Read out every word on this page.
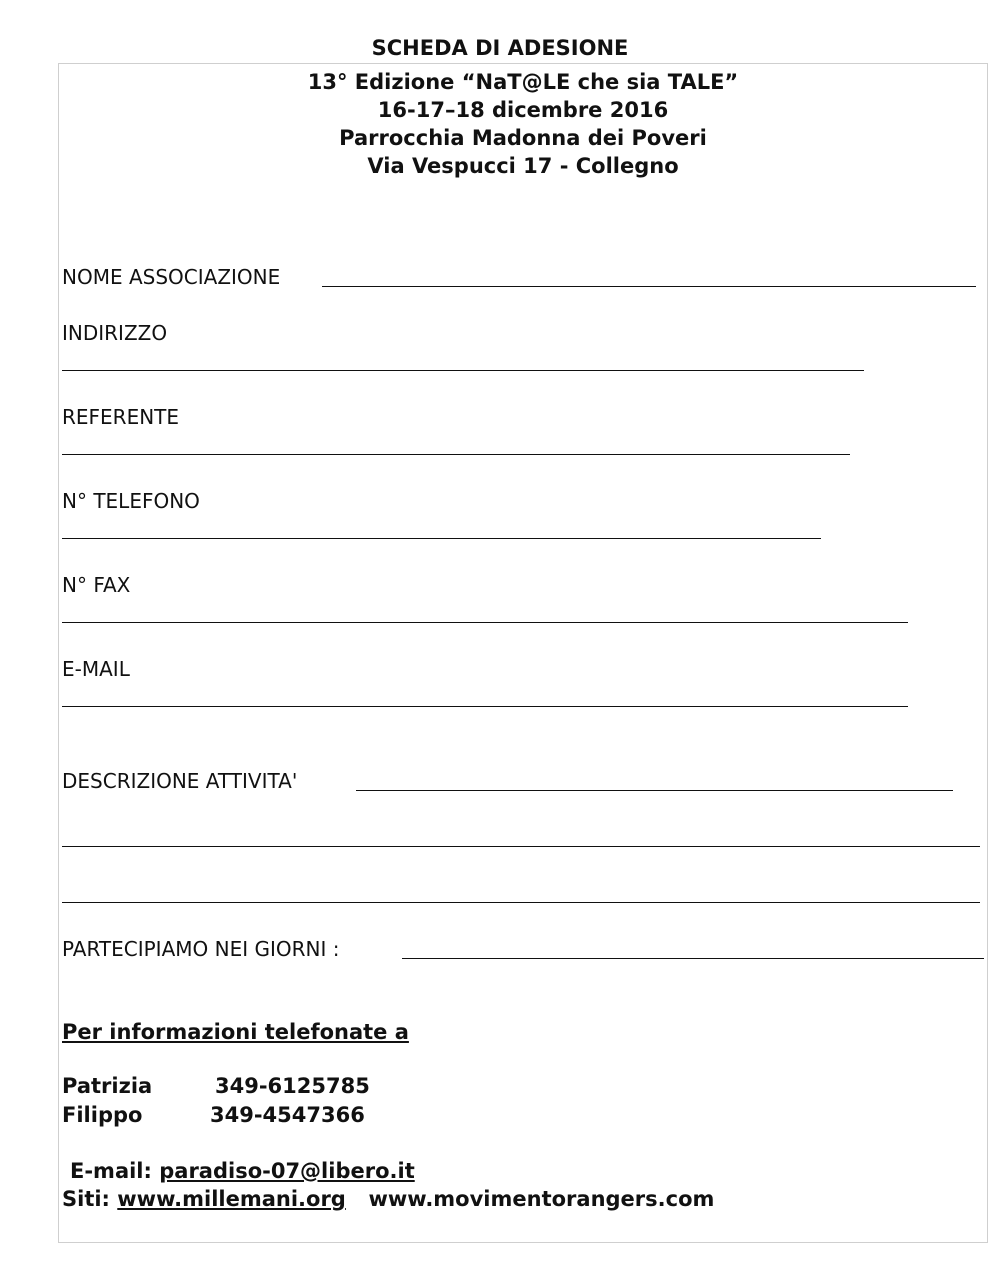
SCHEDA DI ADESIONE
13° Edizione “NaT@LE che sia TALE”
16-17–18 dicembre 2016
Parrocchia Madonna dei Poveri
Via Vespucci 17 - Collegno
NOME ASSOCIAZIONE
INDIRIZZO
REFERENTE
N° TELEFONO
N° FAX
E-MAIL
DESCRIZIONE ATTIVITA'
PARTECIPIAMO NEI GIORNI :
Per informazioni telefonate a
Patrizia	349-6125785
Filippo	349-4547366
E-mail: paradiso-07@libero.it
Siti: www.millemani.org www.movimentorangers.com
